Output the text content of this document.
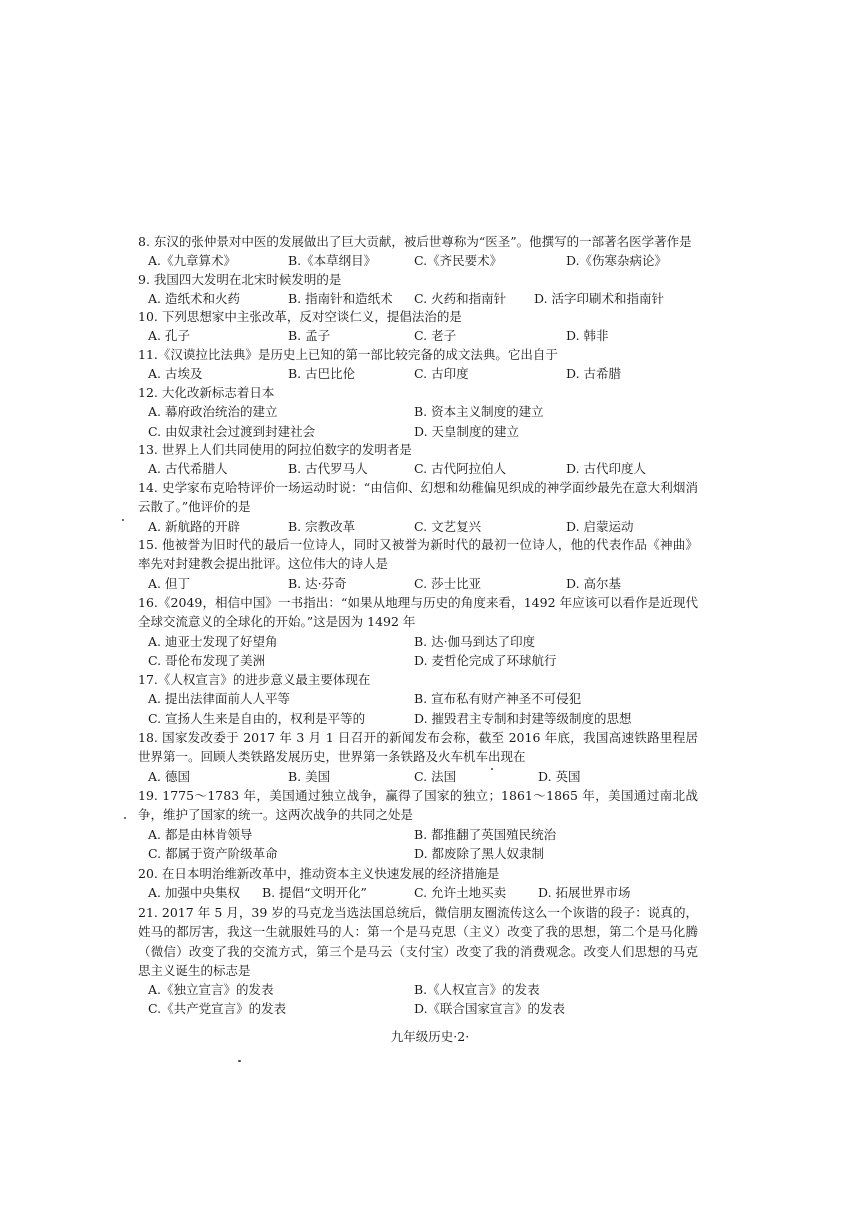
8. 东汉的张仲景对中医的发展做出了巨大贡献，被后世尊称为“医圣”。他撰写的一部著名医学著作是

A.《九章算术》	B.《本草纲目》	C.《齐民要术》	D.《伤寒杂病论》

9. 我国四大发明在北宋时候发明的是

A. 造纸术和火药	B. 指南针和造纸术 C. 火药和指南针 D. 活字印刷术和指南针

10. 下列思想家中主张改革，反对空谈仁义，提倡法治的是

A. 孔子	B. 孟子	C. 老子	D. 韩非

11.《汉谟拉比法典》是历史上已知的第一部比较完备的成文法典。它出自于

A. 古埃及	B. 古巴比伦	C. 古印度	D. 古希腊

12. 大化改新标志着日本

A. 幕府政治统治的建立	B. 资本主义制度的建立
C. 由奴隶社会过渡到封建社会	D. 天皇制度的建立

13. 世界上人们共同使用的阿拉伯数字的发明者是

A. 古代希腊人	B. 古代罗马人	C. 古代阿拉伯人	D. 古代印度人

14. 史学家布克哈特评价一场运动时说：“由信仰、幻想和幼稚偏见织成的神学面纱最先在意大利烟消云散了。”他评价的是

A. 新航路的开辟	B. 宗教改革	C. 文艺复兴	D. 启蒙运动

15. 他被誉为旧时代的最后一位诗人，同时又被誉为新时代的最初一位诗人，他的代表作品《神曲》率先对封建教会提出批评。这位伟大的诗人是

A. 但丁	B. 达·芬奇	C. 莎士比亚	D. 高尔基

16.《2049，相信中国》一书指出：“如果从地理与历史的角度来看，1492 年应该可以看作是近现代全球交流意义的全球化的开始。”这是因为 1492 年

A. 迪亚士发现了好望角	B. 达·伽马到达了印度
C. 哥伦布发现了美洲	D. 麦哲伦完成了环球航行

17.《人权宣言》的进步意义最主要体现在

A. 提出法律面前人人平等	B. 宣布私有财产神圣不可侵犯
C. 宣扬人生来是自由的，权利是平等的	D. 摧毁君主专制和封建等级制度的思想

18. 国家发改委于 2017 年 3 月 1 日召开的新闻发布会称，截至 2016 年底，我国高速铁路里程居世界第一。回顾人类铁路发展历史，世界第一条铁路及火车机车出现在

A. 德国	B. 美国	C. 法国	D. 英国

19. 1775～1783 年，美国通过独立战争，赢得了国家的独立；1861～1865 年，美国通过南北战争，维护了国家的统一。这两次战争的共同之处是

A. 都是由林肯领导	B. 都推翻了英国殖民统治
C. 都属于资产阶级革命	D. 都废除了黑人奴隶制

20. 在日本明治维新改革中，推动资本主义快速发展的经济措施是

A. 加强中央集权 B. 提倡“文明开化”	C. 允许土地买卖	D. 拓展世界市场

21. 2017 年 5 月，39 岁的马克龙当选法国总统后，微信朋友圈流传这么一个诙谐的段子：说真的，姓马的都厉害，我这一生就服姓马的人：第一个是马克思（主义）改变了我的思想，第二个是马化腾（微信）改变了我的交流方式，第三个是马云（支付宝）改变了我的消费观念。改变人们思想的马克思主义诞生的标志是

A.《独立宣言》的发表	B.《人权宣言》的发表
C.《共产党宣言》的发表	D.《联合国家宣言》的发表
九年级历史·2·
